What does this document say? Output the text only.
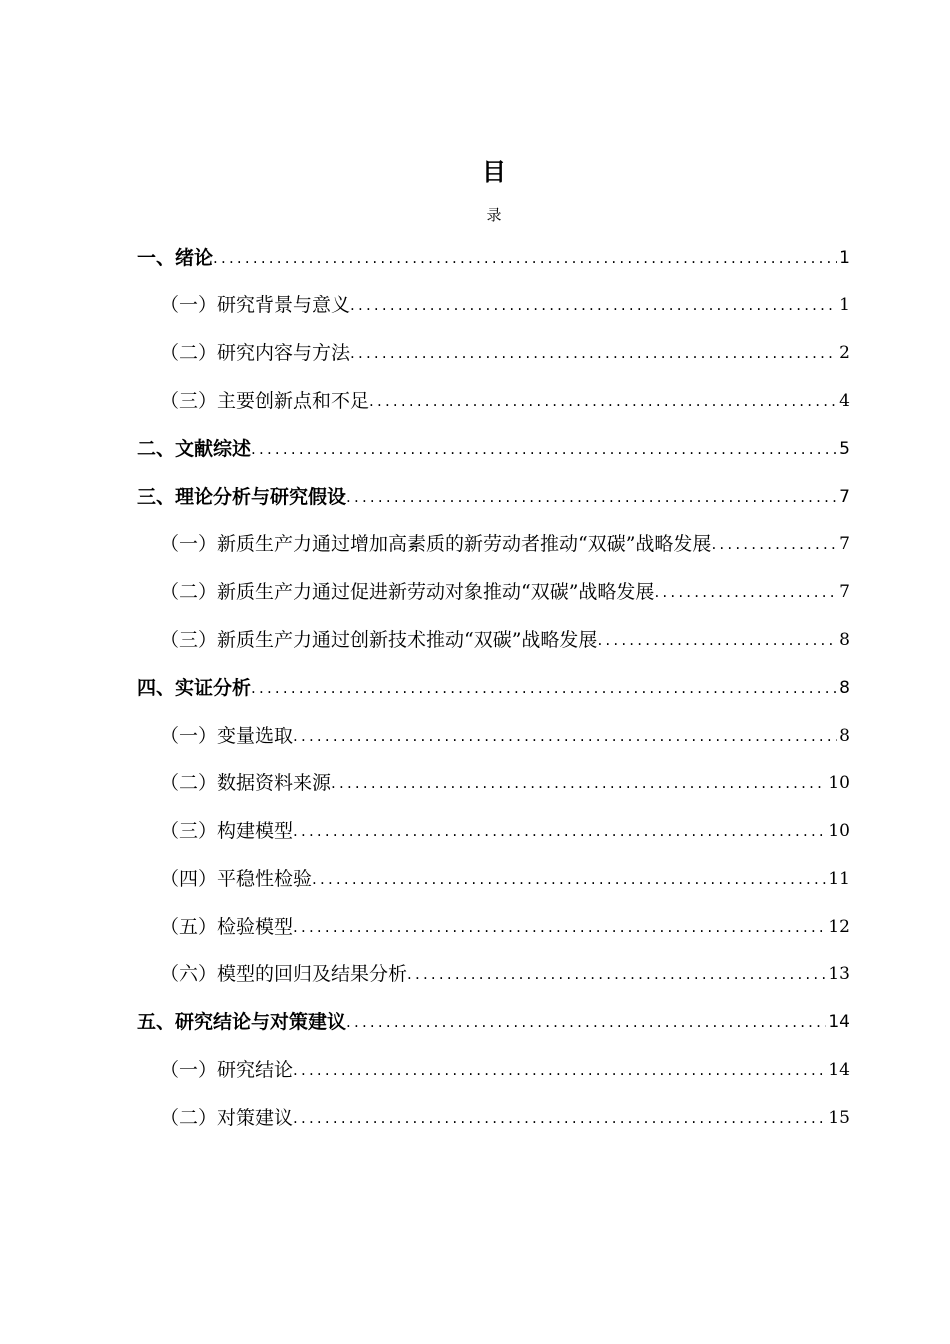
目
录
一、绪论 .....	1
（一）研究背景与意义 .....	1
（二）研究内容与方法 .....	2
（三）主要创新点和不足 .....	4
二、文献综述 .....	5
三、理论分析与研究假设 .....	7
（一）新质生产力通过增加高素质的新劳动者推动“双碳”战略发展 .....	7
（二）新质生产力通过促进新劳动对象推动“双碳”战略发展 .....	7
（三）新质生产力通过创新技术推动“双碳”战略发展 .....	8
四、实证分析 .....	8
（一）变量选取 .....	8
（二）数据资料来源 .....	10
（三）构建模型 .....	10
（四）平稳性检验 .....	11
（五）检验模型 .....	12
（六）模型的回归及结果分析 .....	13
五、研究结论与对策建议 .....	14
（一）研究结论 .....	14
（二）对策建议 .....	15
